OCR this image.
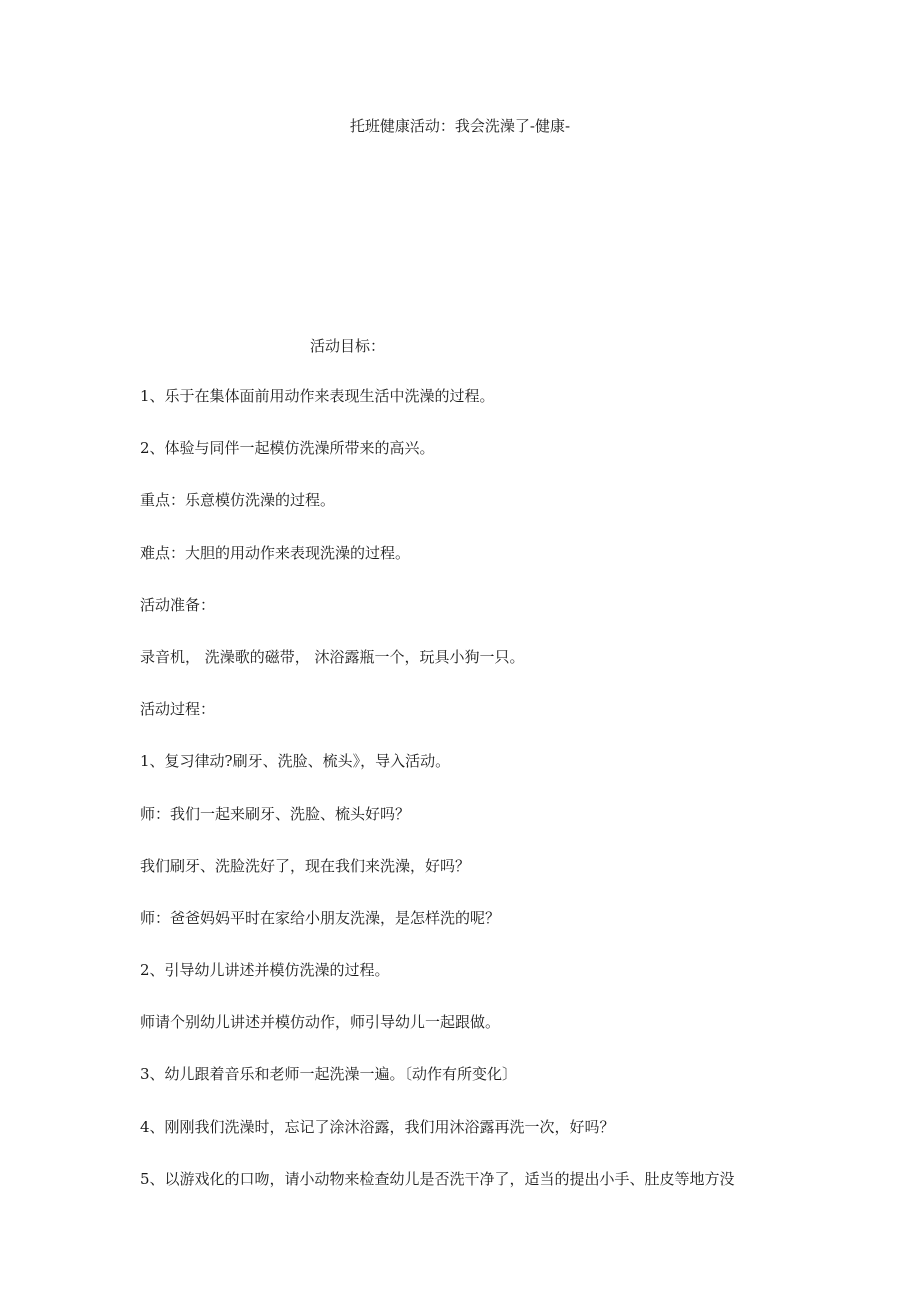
托班健康活动：我会洗澡了-健康-
活动目标：
1、乐于在集体面前用动作来表现生活中洗澡的过程。
2、体验与同伴一起模仿洗澡所带来的高兴。
重点：乐意模仿洗澡的过程。
难点：大胆的用动作来表现洗澡的过程。
活动准备：
录音机， 洗澡歌的磁带， 沐浴露瓶一个，玩具小狗一只。
活动过程：
1、复习律动?刷牙、洗脸、梳头》，导入活动。
师：我们一起来刷牙、洗脸、梳头好吗？
我们刷牙、洗脸洗好了，现在我们来洗澡，好吗？
师：爸爸妈妈平时在家给小朋友洗澡，是怎样洗的呢？
2、引导幼儿讲述并模仿洗澡的过程。
师请个别幼儿讲述并模仿动作，师引导幼儿一起跟做。
3、幼儿跟着音乐和老师一起洗澡一遍。〔动作有所变化〕
4、刚刚我们洗澡时，忘记了涂沐浴露，我们用沐浴露再洗一次，好吗？
5、以游戏化的口吻，请小动物来检查幼儿是否洗干净了，适当的提出小手、肚皮等地方没
